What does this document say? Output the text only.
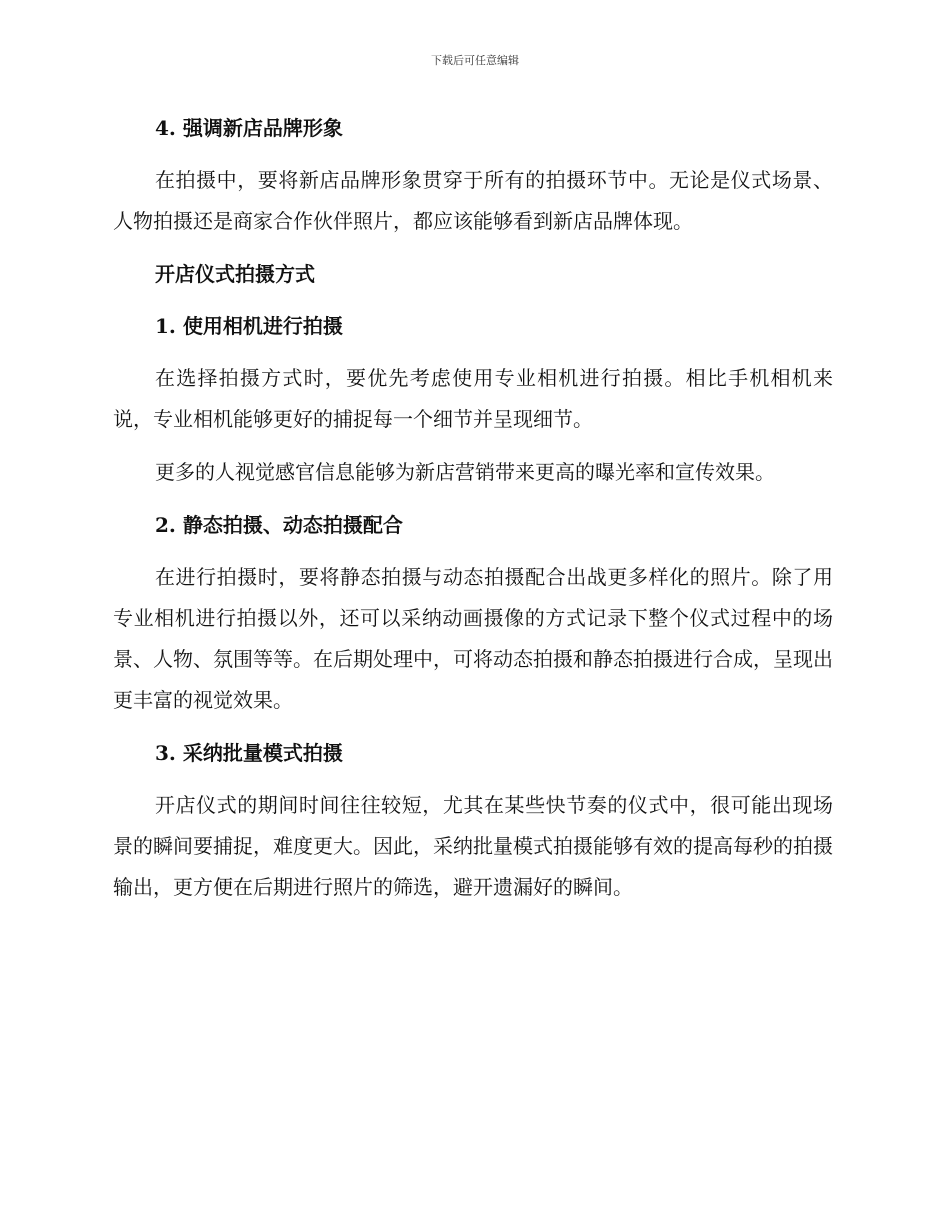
下载后可任意编辑
4. 强调新店品牌形象

在拍摄中，要将新店品牌形象贯穿于所有的拍摄环节中。无论是仪式场景、人物拍摄还是商家合作伙伴照片，都应该能够看到新店品牌体现。

开店仪式拍摄方式
1. 使用相机进行拍摄

在选择拍摄方式时，要优先考虑使用专业相机进行拍摄。相比手机相机来说，专业相机能够更好的捕捉每一个细节并呈现细节。

更多的人视觉感官信息能够为新店营销带来更高的曝光率和宣传效果。

2. 静态拍摄、动态拍摄配合

在进行拍摄时，要将静态拍摄与动态拍摄配合出战更多样化的照片。除了用专业相机进行拍摄以外，还可以采纳动画摄像的方式记录下整个仪式过程中的场景、人物、氛围等等。在后期处理中，可将动态拍摄和静态拍摄进行合成，呈现出更丰富的视觉效果。

3. 采纳批量模式拍摄

开店仪式的期间时间往往较短，尤其在某些快节奏的仪式中，很可能出现场景的瞬间要捕捉，难度更大。因此，采纳批量模式拍摄能够有效的提高每秒的拍摄输出，更方便在后期进行照片的筛选，避开遗漏好的瞬间。
